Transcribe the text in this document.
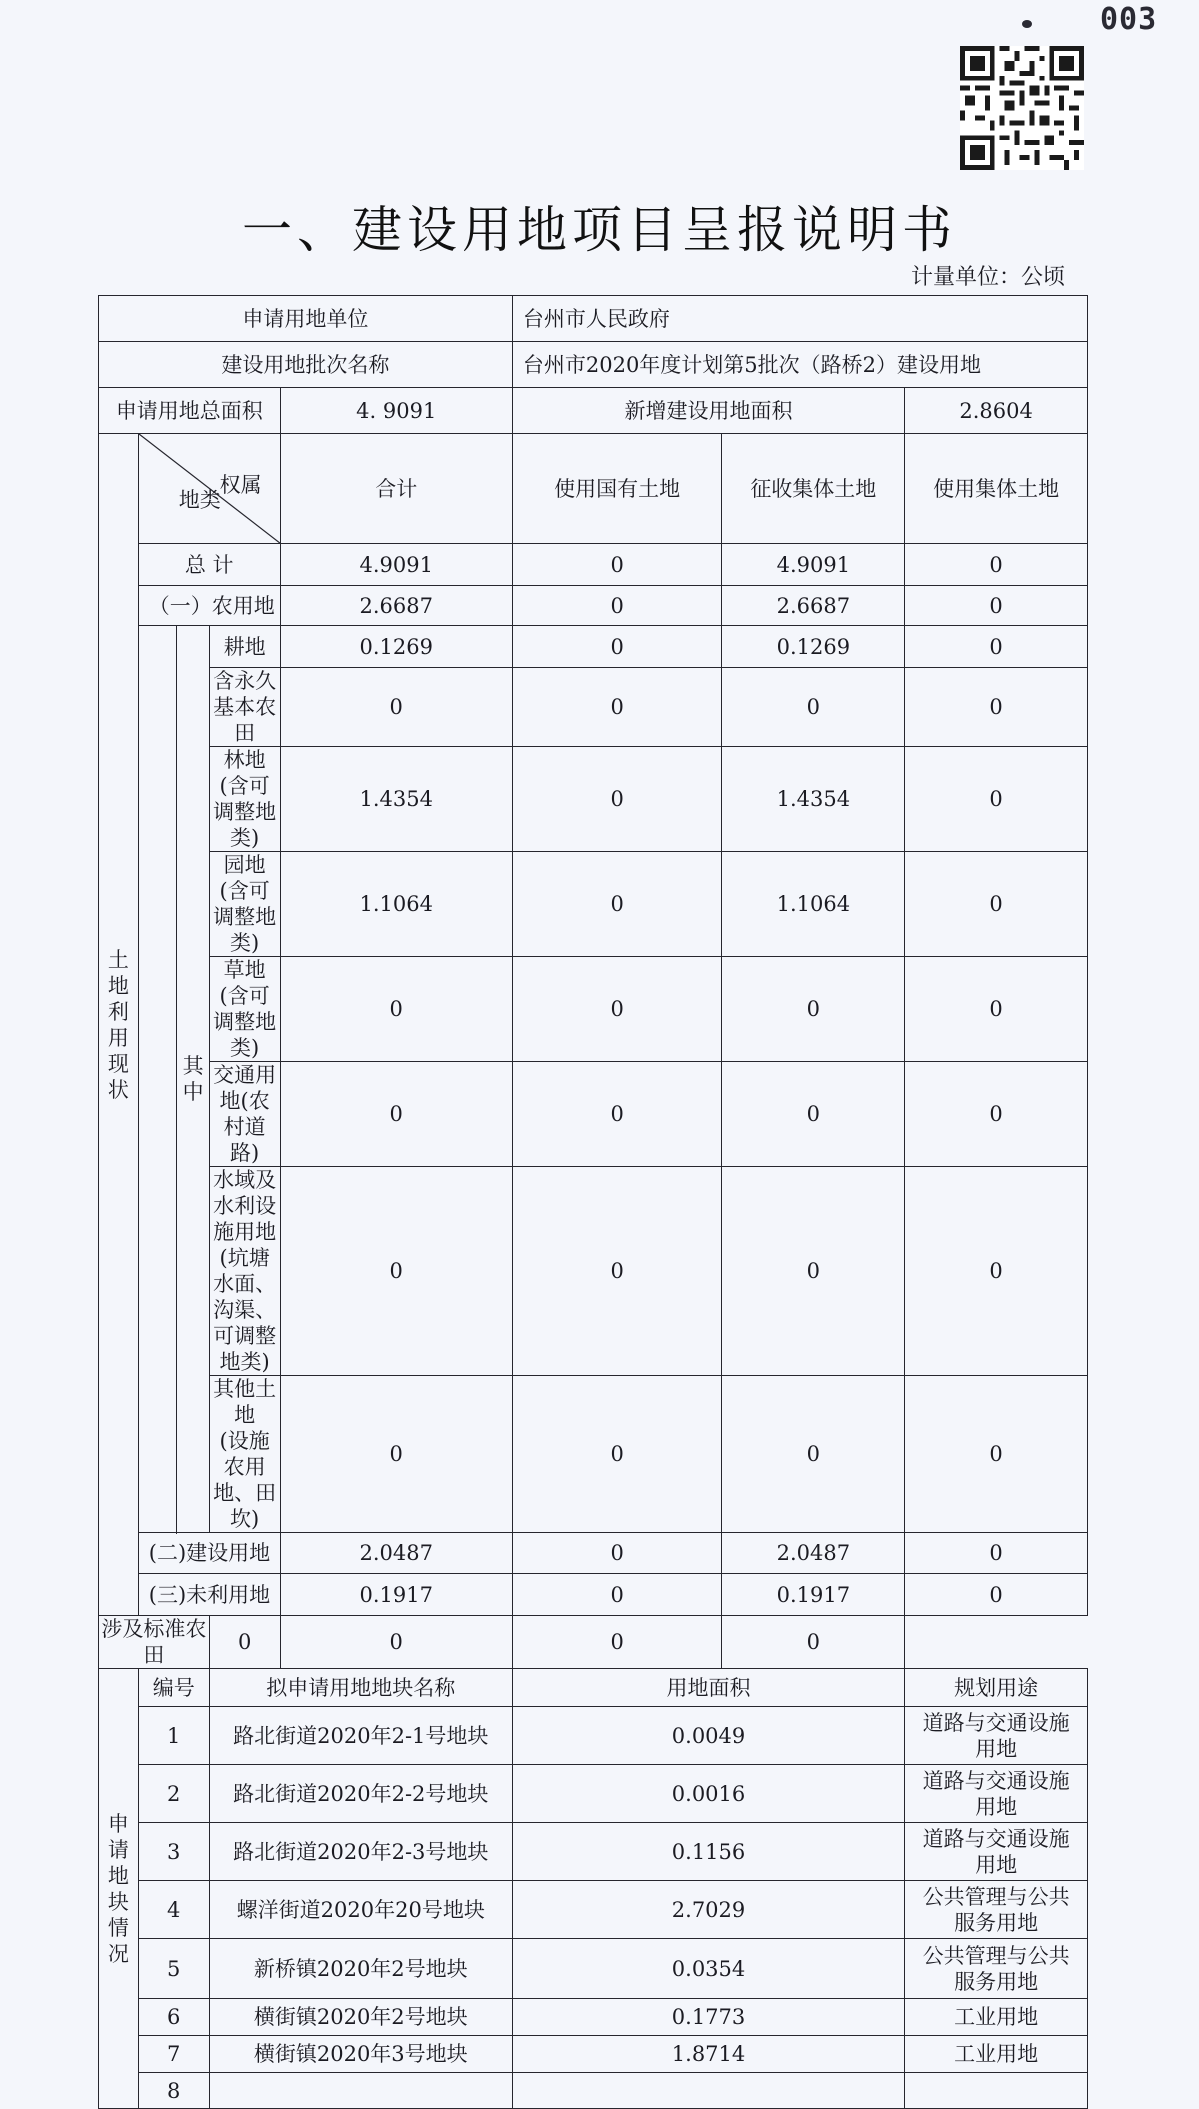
003
一、建设用地项目呈报说明书
计量单位：公顷
申请用地单位					台州市人民政府		
建设用地批次名称					台州市2020年度计划第5批次（路桥2）建设用地		
申请用地总面积				4. 9091	新增建设用地面积		2.8604
土地利用现状	地类
权属			合计	使用国有土地	征收集体土地	使用集体土地
	总 计			4.9091	0	4.9091	0
	（一）农用地			2.6687	0	2.6687	0
		其中	耕地	0.1269	0	0.1269	0
			含永久基本农田	0	0	0	0
			林地(含可调整地类)	1.4354	0	1.4354	0
			园地(含可调整地类)	1.1064	0	1.1064	0
			草地(含可调整地类)	0	0	0	0
			交通用地(农村道路)	0	0	0	0

			水域及水利设施用地
(坑塘水面、沟渠、
可调整地类)	0	0	0	0

			其他土地
(设施农用地、田坎)	0	0	0	0

	(二)建设用地			2.0487	0	2.0487	0
	(三)未利用地			0.1917	0	0.1917	0
涉及标准农田			0	0	0	0	
申请地块情况	编号		拟申请用地地块名称		用地面积		规划用途
	1		路北街道2020年2-1号地块		0.0049		道路与交通设施
用地

	2		路北街道2020年2-2号地块		0.0016		道路与交通设施
用地

	3		路北街道2020年2-3号地块		0.1156		道路与交通设施
用地

	4		螺洋街道2020年20号地块		2.7029		公共管理与公共
服务用地

	5		新桥镇2020年2号地块		0.0354		公共管理与公共
服务用地

	6		横街镇2020年2号地块		0.1773		工业用地
	7		横街镇2020年3号地块		1.8714		工业用地
	8						
